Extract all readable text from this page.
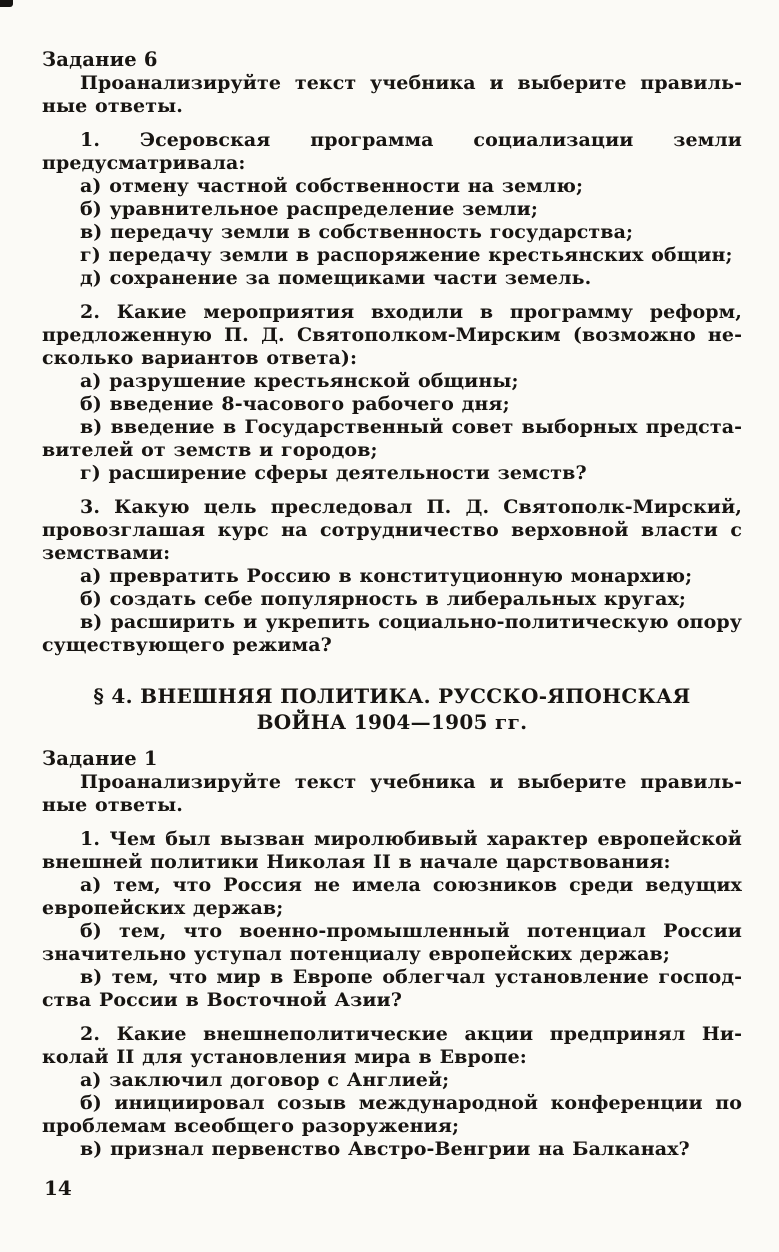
Задание 6

Проанализируйте текст учебника и выберите правильные ответы.

1. Эсеровская программа социализации земли предусматривала:

а) отмену частной собственности на землю;

б) уравнительное распределение земли;

в) передачу земли в собственность государства;

г) передачу земли в распоряжение крестьянских общин;

д) сохранение за помещиками части земель.

2. Какие мероприятия входили в программу реформ, предложенную П. Д. Святополком-Мирским (возможно несколько вариантов ответа):

а) разрушение крестьянской общины;

б) введение 8-часового рабочего дня;

в) введение в Государственный совет выборных представителей от земств и городов;

г) расширение сферы деятельности земств?

3. Какую цель преследовал П. Д. Святополк-Мирский, провозглашая курс на сотрудничество верховной власти с земствами:

а) превратить Россию в конституционную монархию;

б) создать себе популярность в либеральных кругах;

в) расширить и укрепить социально-политическую опору существующего режима?

§ 4. ВНЕШНЯЯ ПОЛИТИКА. РУССКО-ЯПОНСКАЯ
ВОЙНА 1904—1905 гг.
Задание 1

Проанализируйте текст учебника и выберите правильные ответы.

1. Чем был вызван миролюбивый характер европейской внешней политики Николая II в начале царствования:

а) тем, что Россия не имела союзников среди ведущих европейских держав;

б) тем, что военно-промышленный потенциал России значительно уступал потенциалу европейских держав;

в) тем, что мир в Европе облегчал установление господства России в Восточной Азии?

2. Какие внешнеполитические акции предпринял Николай II для установления мира в Европе:

а) заключил договор с Англией;

б) инициировал созыв международной конференции по проблемам всеобщего разоружения;

в) признал первенство Австро-Венгрии на Балканах?

14
